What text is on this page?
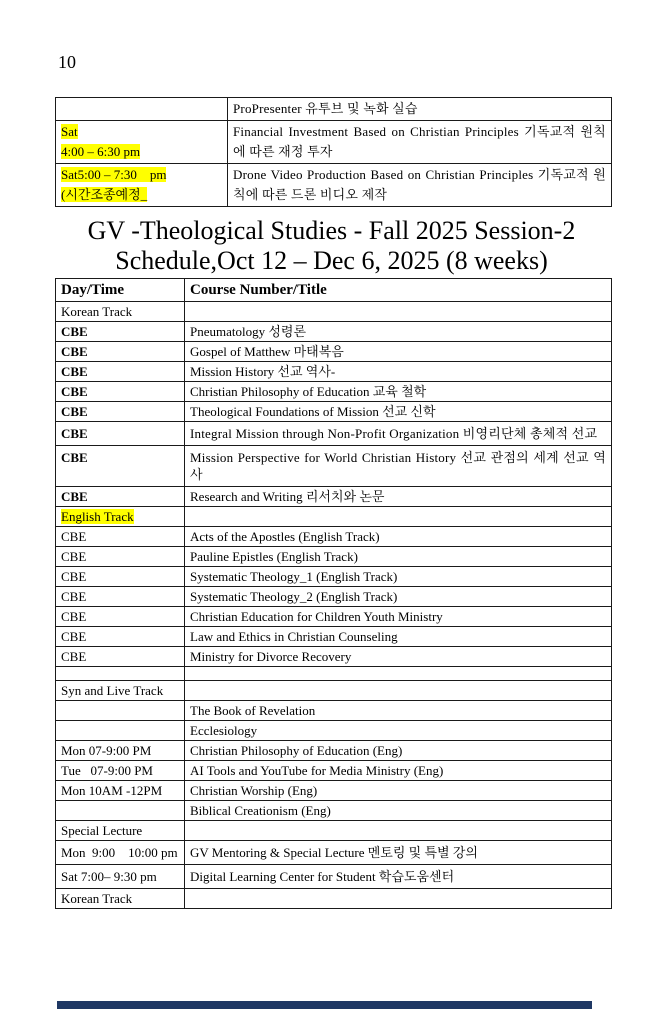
10
	ProPresenter 유투브 및 녹화 실습

Sat
4:00 – 6:30 pm	Financial Investment Based on Christian Principles 기독교적 원칙에 따른 재정 투자

Sat5:00 – 7:30    pm
(시간조종예정_	Drone Video Production Based on Christian Principles 기독교적 원칙에 따른 드론 비디오 제작
GV -Theological Studies - Fall 2025 Session-2
Schedule,Oct 12 – Dec 6, 2025 (8 weeks)
Day/Time	Course Number/Title
Korean Track	
CBE	Pneumatology 성령론
CBE	Gospel of Matthew 마태복음
CBE	Mission History 선교 역사-
CBE	Christian Philosophy of Education 교육 철학
CBE	Theological Foundations of Mission 선교 신학
CBE	Integral Mission through Non-Profit Organization 비영리단체 총체적 선교
CBE	Mission Perspective for World Christian History 선교 관점의 세계 선교 역사
CBE	Research and Writing 리서치와 논문
English Track	
CBE	Acts of the Apostles (English Track)
CBE	Pauline Epistles (English Track)
CBE	Systematic Theology_1 (English Track)
CBE	Systematic Theology_2 (English Track)
CBE	Christian Education for Children Youth Ministry
CBE	Law and Ethics in Christian Counseling
CBE	Ministry for Divorce Recovery

Syn and Live Track	
	The Book of Revelation
	Ecclesiology
Mon 07-9:00 PM	Christian Philosophy of Education (Eng)
Tue   07-9:00 PM	AI Tools and YouTube for Media Ministry (Eng)
Mon 10AM -12PM	Christian Worship (Eng)
	Biblical Creationism (Eng)
Special Lecture	
Mon  9:00    10:00 pm	GV Mentoring & Special Lecture 멘토링 및 특별 강의
Sat 7:00– 9:30 pm	Digital Learning Center for Student 학습도움센터
Korean Track	
